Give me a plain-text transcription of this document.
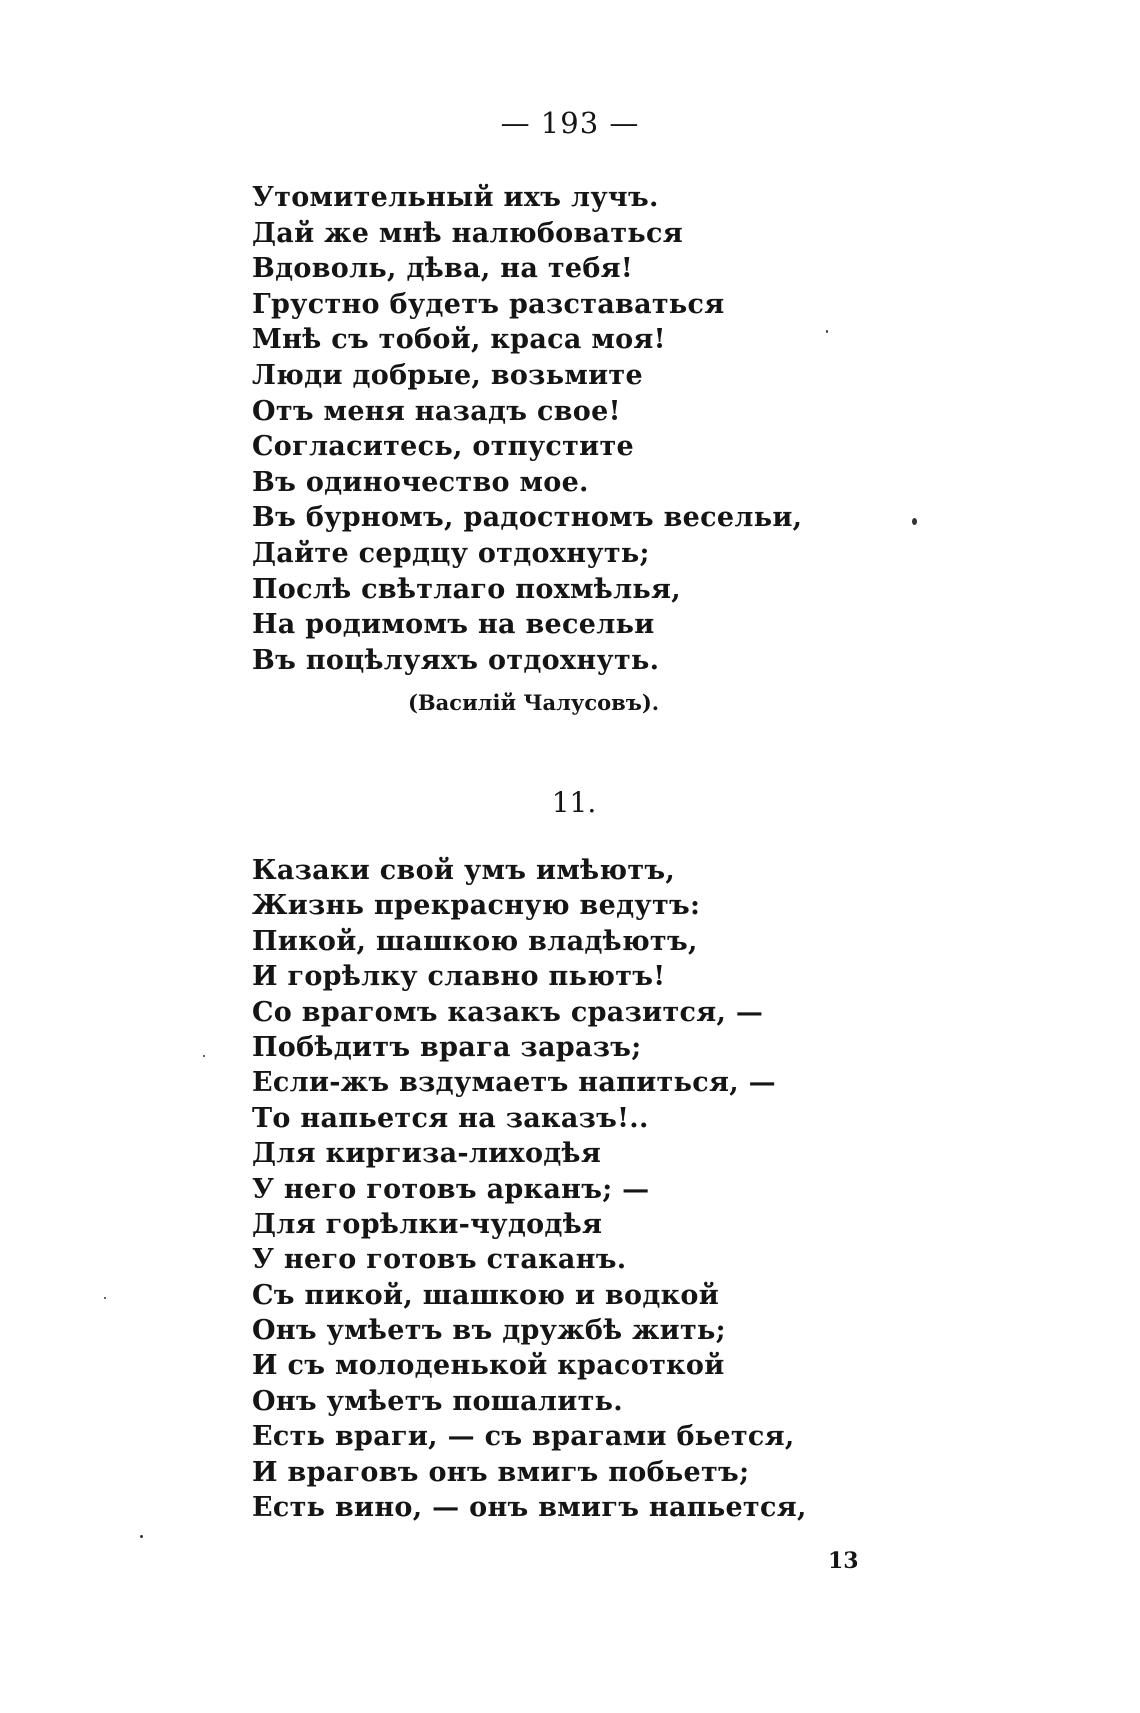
— 193 —
Утомительный ихъ лучъ.
Дай же мнѣ налюбоваться
Вдоволь, дѣва, на тебя!
Грустно будетъ разставаться
Мнѣ съ тобой, краса моя!
Люди добрые, возьмите
Отъ меня назадъ свое!
Согласитесь, отпустите
Въ одиночество мое.
Въ бурномъ, радостномъ весельи,
Дайте сердцу отдохнуть;
Послѣ свѣтлаго похмѣлья,
На родимомъ на весельи
Въ поцѣлуяхъ отдохнуть.
(Василій Чалусовъ).
11.
Казаки свой умъ имѣютъ,
Жизнь прекрасную ведутъ:
Пикой, шашкою владѣютъ,
И горѣлку славно пьютъ!
Со врагомъ казакъ сразится, —
Побѣдитъ врага заразъ;
Если-жъ вздумаетъ напиться, —
То напьется на заказъ!..
Для киргиза-лиходѣя
У него готовъ арканъ; —
Для горѣлки-чудодѣя
У него готовъ стаканъ.
Съ пикой, шашкою и водкой
Онъ умѣетъ въ дружбѣ жить;
И съ молоденькой красоткой
Онъ умѣетъ пошалить.
Есть враги, — съ врагами бьется,
И враговъ онъ вмигъ побьетъ;
Есть вино, — онъ вмигъ напьется,
13
